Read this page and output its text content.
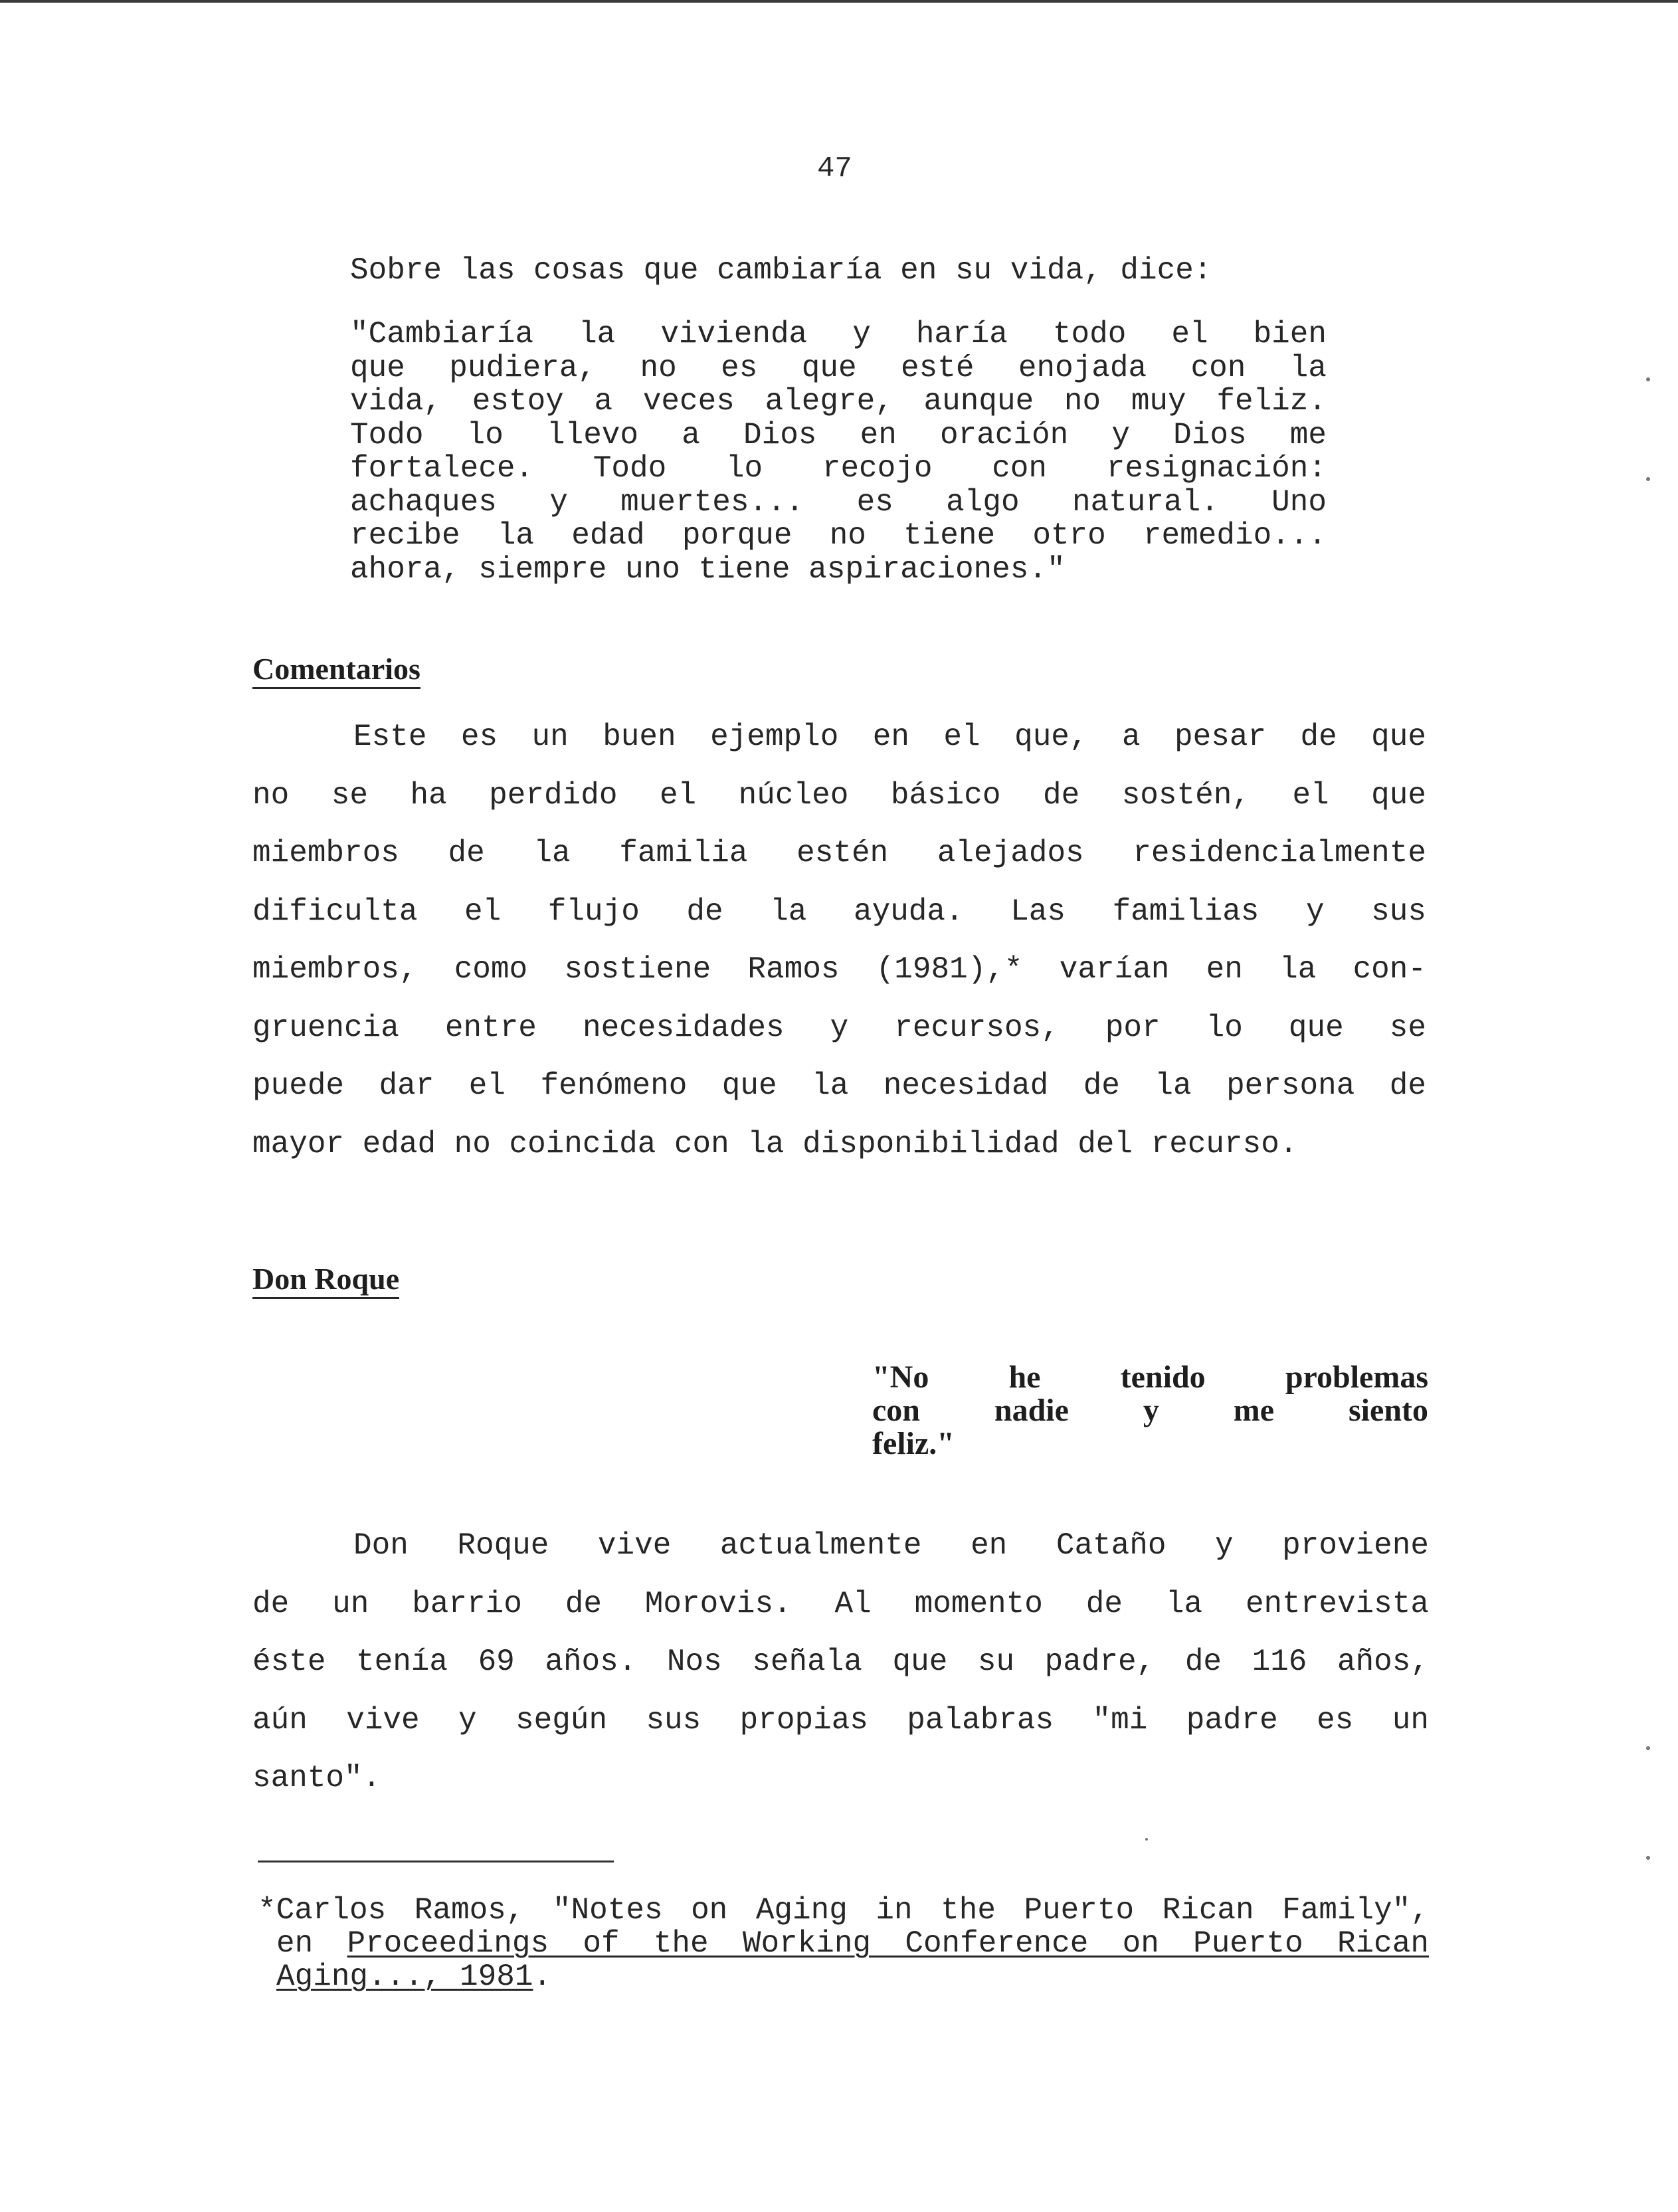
47
Sobre las cosas que cambiaría en su vida, dice:
"Cambiaría la vivienda y haría todo el bien
que pudiera, no es que esté enojada con la
vida, estoy a veces alegre, aunque no muy feliz.
Todo lo llevo a Dios en oración y Dios me
fortalece. Todo lo recojo con resignación:
achaques y muertes... es algo natural. Uno
recibe la edad porque no tiene otro remedio...
ahora, siempre uno tiene aspiraciones."
Comentarios
Este es un buen ejemplo en el que, a pesar de que
no se ha perdido el núcleo básico de sostén, el que
miembros de la familia estén alejados residencialmente
dificulta el flujo de la ayuda. Las familias y sus
miembros, como sostiene Ramos (1981),* varían en la con-
gruencia entre necesidades y recursos, por lo que se
puede dar el fenómeno que la necesidad de la persona de
mayor edad no coincida con la disponibilidad del recurso.
Don Roque
"No he tenido problemas
con nadie y me siento
feliz."
Don Roque vive actualmente en Cataño y proviene
de un barrio de Morovis. Al momento de la entrevista
éste tenía 69 años. Nos señala que su padre, de 116 años,
aún vive y según sus propias palabras "mi padre es un
santo".
*Carlos Ramos, "Notes on Aging in the Puerto Rican Family",
en Proceedings of the Working Conference on Puerto Rican
Aging..., 1981.
